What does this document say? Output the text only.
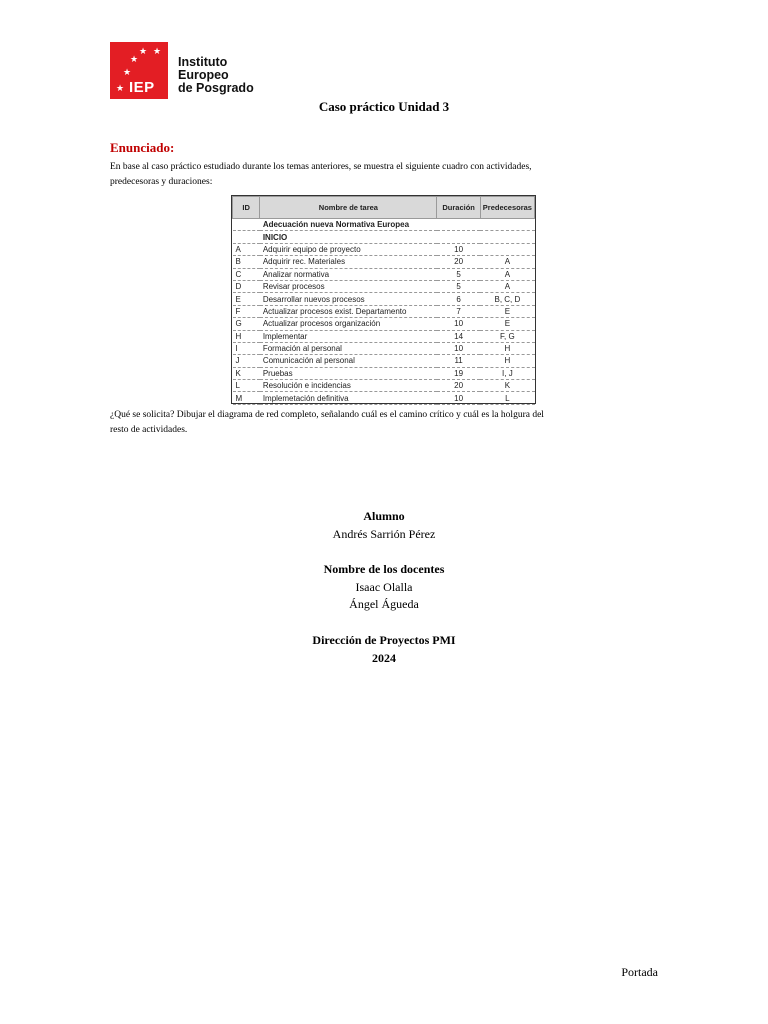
★ ★
★
★
★ IEP
Instituto
Europeo
de Posgrado
Caso práctico Unidad 3
Enunciado:
En base al caso práctico estudiado durante los temas anteriores, se muestra el siguiente cuadro con actividades, predecesoras y duraciones:
ID	Nombre de tarea	Duración	Predecesoras
	Adecuación nueva Normativa Europea		
	INICIO		
A	Adquirir equipo de proyecto	10	
B	Adquirir rec. Materiales	20	A
C	Analizar normativa	5	A
D	Revisar procesos	5	A
E	Desarrollar nuevos procesos	6	B, C, D
F	Actualizar procesos exist. Departamento	7	E
G	Actualizar procesos organización	10	E
H	Implementar	14	F, G
I	Formación al personal	10	H
J	Comunicación al personal	11	H
K	Pruebas	19	I, J
L	Resolución e incidencias	20	K
M	Implemetación definitiva	10	L
¿Qué se solicita? Dibujar el diagrama de red completo, señalando cuál es el camino crítico y cuál es la holgura del resto de actividades.
Alumno
Andrés Sarrión Pérez
Nombre de los docentes
Isaac Olalla
Ángel Águeda
Dirección de Proyectos PMI
2024
Portada
